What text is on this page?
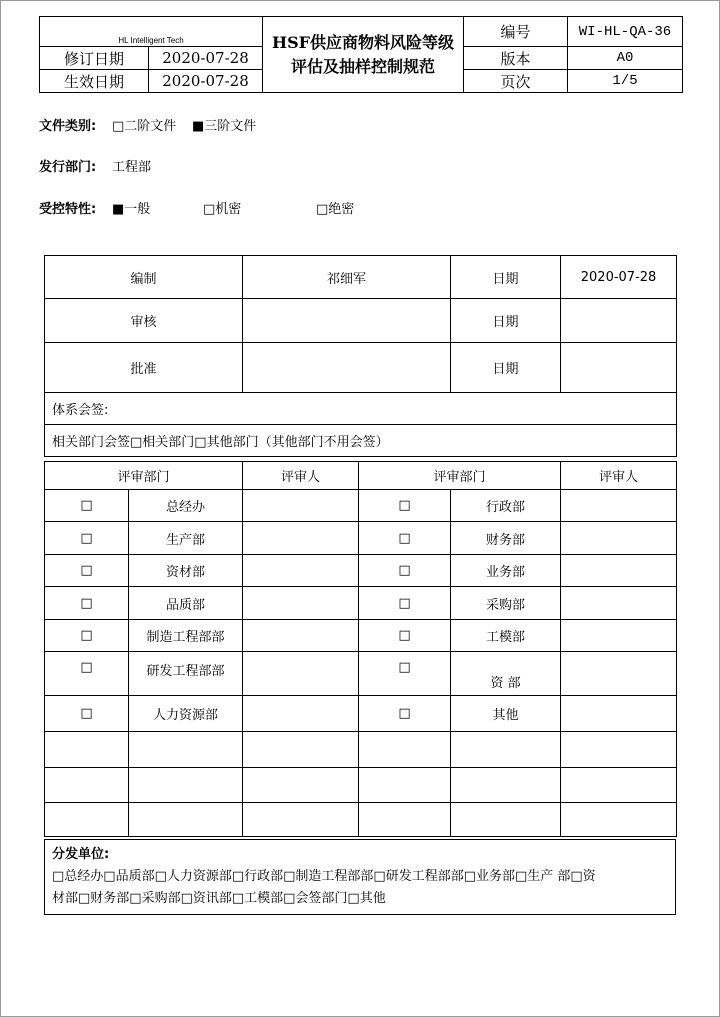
HL Intelligent Tech		HSF供应商物料风险等级
评估及抽样控制规范	编号	WI-HL-QA-36
修订日期	2020-07-28		版本	A0
生效日期	2020-07-28		页次	1/5
文件类别: □二阶文件 ■三阶文件
发行部门: 工程部
受控特性: ■一般	□机密	□绝密
编制	祁细军	日期	2020-07-28
审核		日期	
批准		日期	
体系会签:			
相关部门会签□相关部门□其他部门（其他部门不用会签）			
评审部门		评审人	评审部门		评审人
□	总经办		□	行政部	
□	生产部		□	财务部	
□	资材部		□	业务部	
□	品质部		□	采购部	
□	制造工程部部		□	工模部	
□	研发工程部部		□	资 部	
□	人力资源部		□	其他	

分发单位:
□总经办□品质部□人力资源部□行政部□制造工程部部□研发工程部部□业务部□生产 部□资
材部□财务部□采购部□资讯部□工模部□会签部门□其他
